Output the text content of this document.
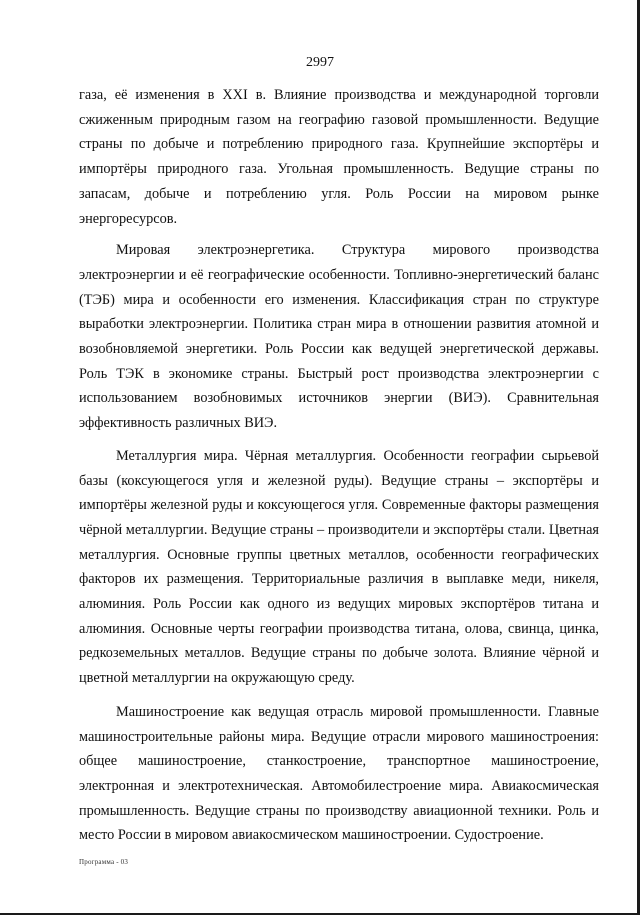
2997

газа, её изменения в XXI в. Влияние производства и международной торговли сжиженным природным газом на географию газовой промышленности. Ведущие страны по добыче и потреблению природного газа. Крупнейшие экспортёры и импортёры природного газа. Угольная промышленность. Ведущие страны по запасам, добыче и потреблению угля. Роль России на мировом рынке энергоресурсов.

Мировая электроэнергетика. Структура мирового производства электроэнергии и её географические особенности. Топливно-энергетический баланс (ТЭБ) мира и особенности его изменения. Классификация стран по структуре выработки электроэнергии. Политика стран мира в отношении развития атомной и возобновляемой энергетики. Роль России как ведущей энергетической державы. Роль ТЭК в экономике страны. Быстрый рост производства электроэнергии с использованием возобновимых источников энергии (ВИЭ). Сравнительная эффективность различных ВИЭ.

Металлургия мира. Чёрная металлургия. Особенности географии сырьевой базы (коксующегося угля и железной руды). Ведущие страны – экспортёры и импортёры железной руды и коксующегося угля. Современные факторы размещения чёрной металлургии. Ведущие страны – производители и экспортёры стали. Цветная металлургия. Основные группы цветных металлов, особенности географических факторов их размещения. Территориальные различия в выплавке меди, никеля, алюминия. Роль России как одного из ведущих мировых экспортёров титана и алюминия. Основные черты географии производства титана, олова, свинца, цинка, редкоземельных металлов. Ведущие страны по добыче золота. Влияние чёрной и цветной металлургии на окружающую среду.

Машиностроение как ведущая отрасль мировой промышленности. Главные машиностроительные районы мира. Ведущие отрасли мирового машиностроения: общее машиностроение, станкостроение, транспортное машиностроение, электронная и электротехническая. Автомобилестроение мира. Авиакосмическая промышленность. Ведущие страны по производству авиационной техники. Роль и место России в мировом авиакосмическом машиностроении. Судостроение.

Программа - 03
